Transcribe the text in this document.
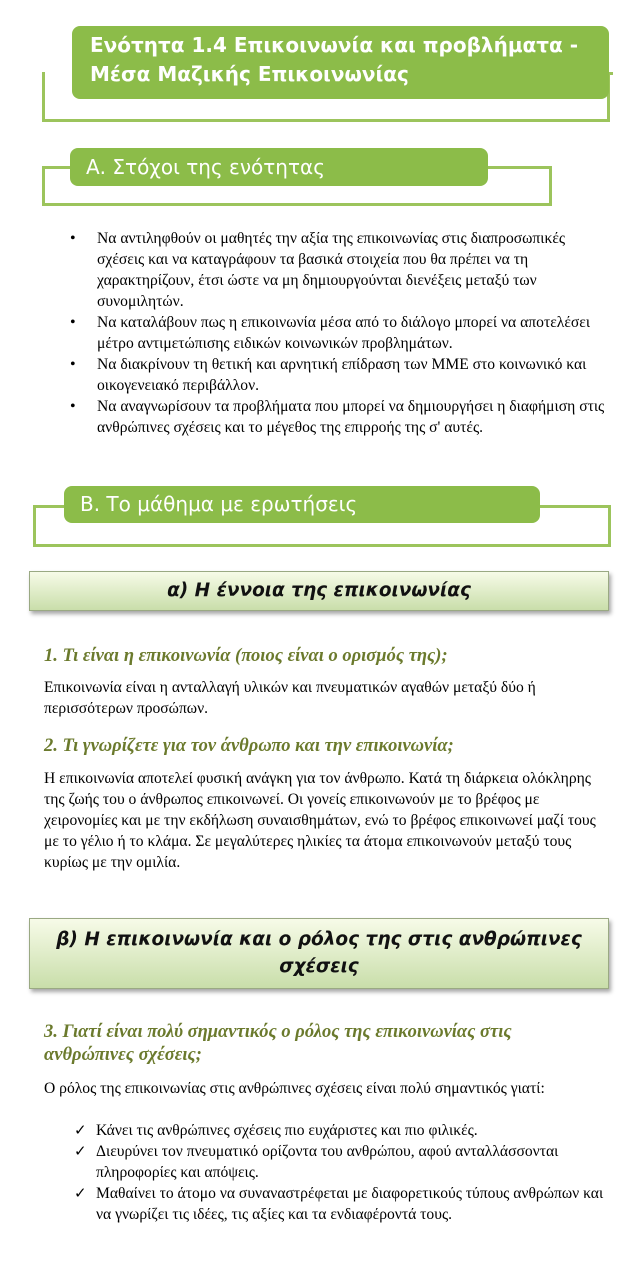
Ενότητα 1.4 Επικοινωνία και προβλήματα - Μέσα Μαζικής Επικοινωνίας
Α. Στόχοι της ενότητας
• Να αντιληφθούν οι μαθητές την αξία της επικοινωνίας στις διαπροσωπικές σχέσεις και να καταγράφουν τα βασικά στοιχεία που θα πρέπει να τη χαρακτηρίζουν, έτσι ώστε να μη δημιουργούνται διενέξεις μεταξύ των συνομιλητών.
• Να καταλάβουν πως η επικοινωνία μέσα από το διάλογο μπορεί να αποτελέσει μέτρο αντιμετώπισης ειδικών κοινωνικών προβλημάτων.
• Να διακρίνουν τη θετική και αρνητική επίδραση των ΜΜΕ στο κοινωνικό και οικογενειακό περιβάλλον.
• Να αναγνωρίσουν τα προβλήματα που μπορεί να δημιουργήσει η διαφήμιση στις ανθρώπινες σχέσεις και το μέγεθος της επιρροής της σ' αυτές.
Β. Το μάθημα με ερωτήσεις
α) Η έννοια της επικοινωνίας

1. Τι είναι η επικοινωνία (ποιος είναι ο ορισμός της);

Επικοινωνία είναι η ανταλλαγή υλικών και πνευματικών αγαθών μεταξύ δύο ή περισσότερων προσώπων.

2. Τι γνωρίζετε για τον άνθρωπο και την επικοινωνία;

Η επικοινωνία αποτελεί φυσική ανάγκη για τον άνθρωπο. Κατά τη διάρκεια ολόκληρης της ζωής του ο άνθρωπος επικοινωνεί. Οι γονείς επικοινωνούν με το βρέφος με χειρονομίες και με την εκδήλωση συναισθημάτων, ενώ το βρέφος επικοινωνεί μαζί τους με το γέλιο ή το κλάμα. Σε μεγαλύτερες ηλικίες τα άτομα επικοινωνούν μεταξύ τους κυρίως με την ομιλία.

β) Η επικοινωνία και ο ρόλος της στις ανθρώπινες σχέσεις

3. Γιατί είναι πολύ σημαντικός ο ρόλος της επικοινωνίας στις ανθρώπινες σχέσεις;

Ο ρόλος της επικοινωνίας στις ανθρώπινες σχέσεις είναι πολύ σημαντικός γιατί:

✓ Κάνει τις ανθρώπινες σχέσεις πιο ευχάριστες και πιο φιλικές.
✓ Διευρύνει τον πνευματικό ορίζοντα του ανθρώπου, αφού ανταλλάσσονται πληροφορίες και απόψεις.
✓ Μαθαίνει το άτομο να συναναστρέφεται με διαφορετικούς τύπους ανθρώπων και να γνωρίζει τις ιδέες, τις αξίες και τα ενδιαφέροντά τους.
